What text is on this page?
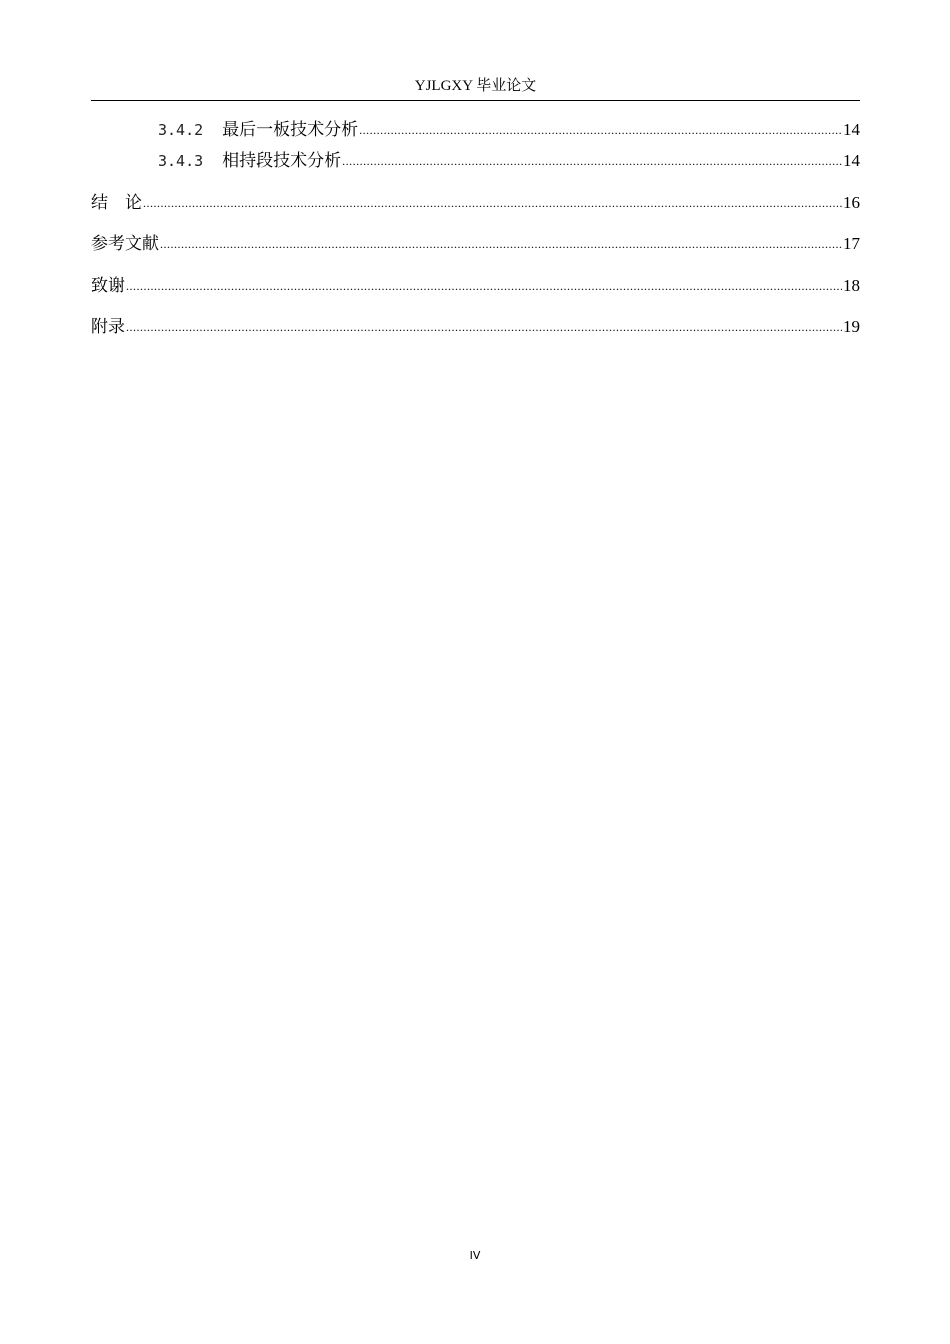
YJLGXY 毕业论文
3.4.2 最后一板技术分析 .....	14
3.4.3 相持段技术分析 .....	14
结　论 .....	16
参考文献 .....	17
致谢 .....	18
附录 .....	19
IV
